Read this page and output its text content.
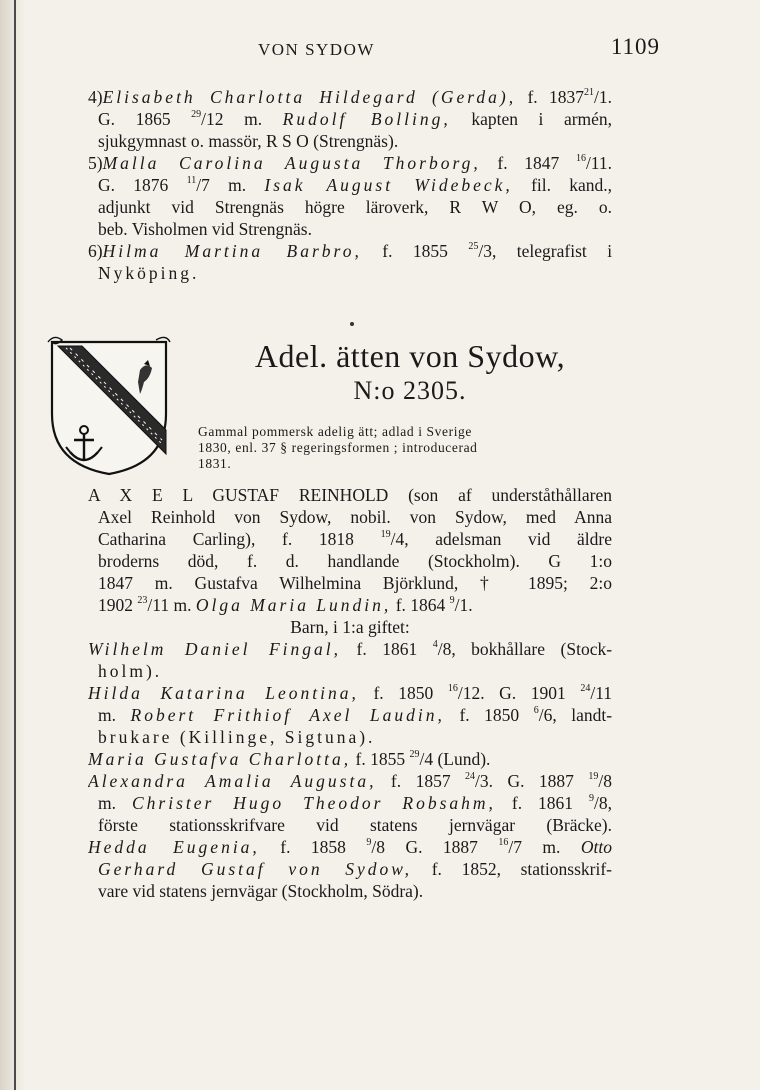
VON SYDOW	1109
4)Elisabeth Charlotta Hildegard (Gerda), f. 1837$^{21}$/1.
G. 1865 $^{29}$/12 m. Rudolf Bolling, kapten i armén,
sjukgymnast o. massör, R S O (Strengnäs).
5)Malla Carolina Augusta Thorborg, f. 1847 $^{16}$/11.
G. 1876 $^{11}$/7 m. Isak August Widebeck, fil. kand.,
adjunkt vid Strengnäs högre läroverk, R W O, eg. o.
beb. Visholmen vid Strengnäs.
6)Hilma Martina Barbro, f. 1855 $^{25}$/3, telegrafist i
Nyköping.
Adel. ätten von Sydow,
N:o 2305.
Gammal pommersk adelig ätt; adlad i Sverige
1830, enl. 37 § regeringsformen ; introducerad
1831.
A X E L GUSTAF REINHOLD (son af underståthållaren
Axel Reinhold von Sydow, nobil. von Sydow, med Anna
Catharina Carling), f. 1818	$^{19}$/4, adelsman vid äldre
broderns död, f. d. handlande (Stockholm). G 1:o
1847 m. Gustafva Wilhelmina Björklund, † 1895; 2:o
1902 $^{23}$/11 m. Olga Maria Lundin, f. 1864 $^9$/1.
Barn, i 1:a giftet:
Wilhelm Daniel Fingal, f. 1861 $^4$/8, bokhållare (Stock-
holm).
Hilda Katarina Leontina, f. 1850 $^{16}$/12. G. 1901 $^{24}$/11
m. Robert Frithiof Axel Laudin, f. 1850 $^6$/6, landt-
brukare (Killinge, Sigtuna).
Maria Gustafva Charlotta, f. 1855 $^{29}$/4 (Lund).
Alexandra Amalia Augusta, f. 1857 $^{24}$/3. G. 1887 $^{19}$/8
m. Christer Hugo Theodor Robsahm, f. 1861 $^9$/8,
förste stationsskrifvare vid statens jernvägar (Bräcke).
Hedda Eugenia, f. 1858 $^9$/8 G. 1887 $^{16}$/7 m. Otto
Gerhard Gustaf von Sydow, f. 1852, stationsskrif-
vare vid statens jernvägar (Stockholm, Södra).
